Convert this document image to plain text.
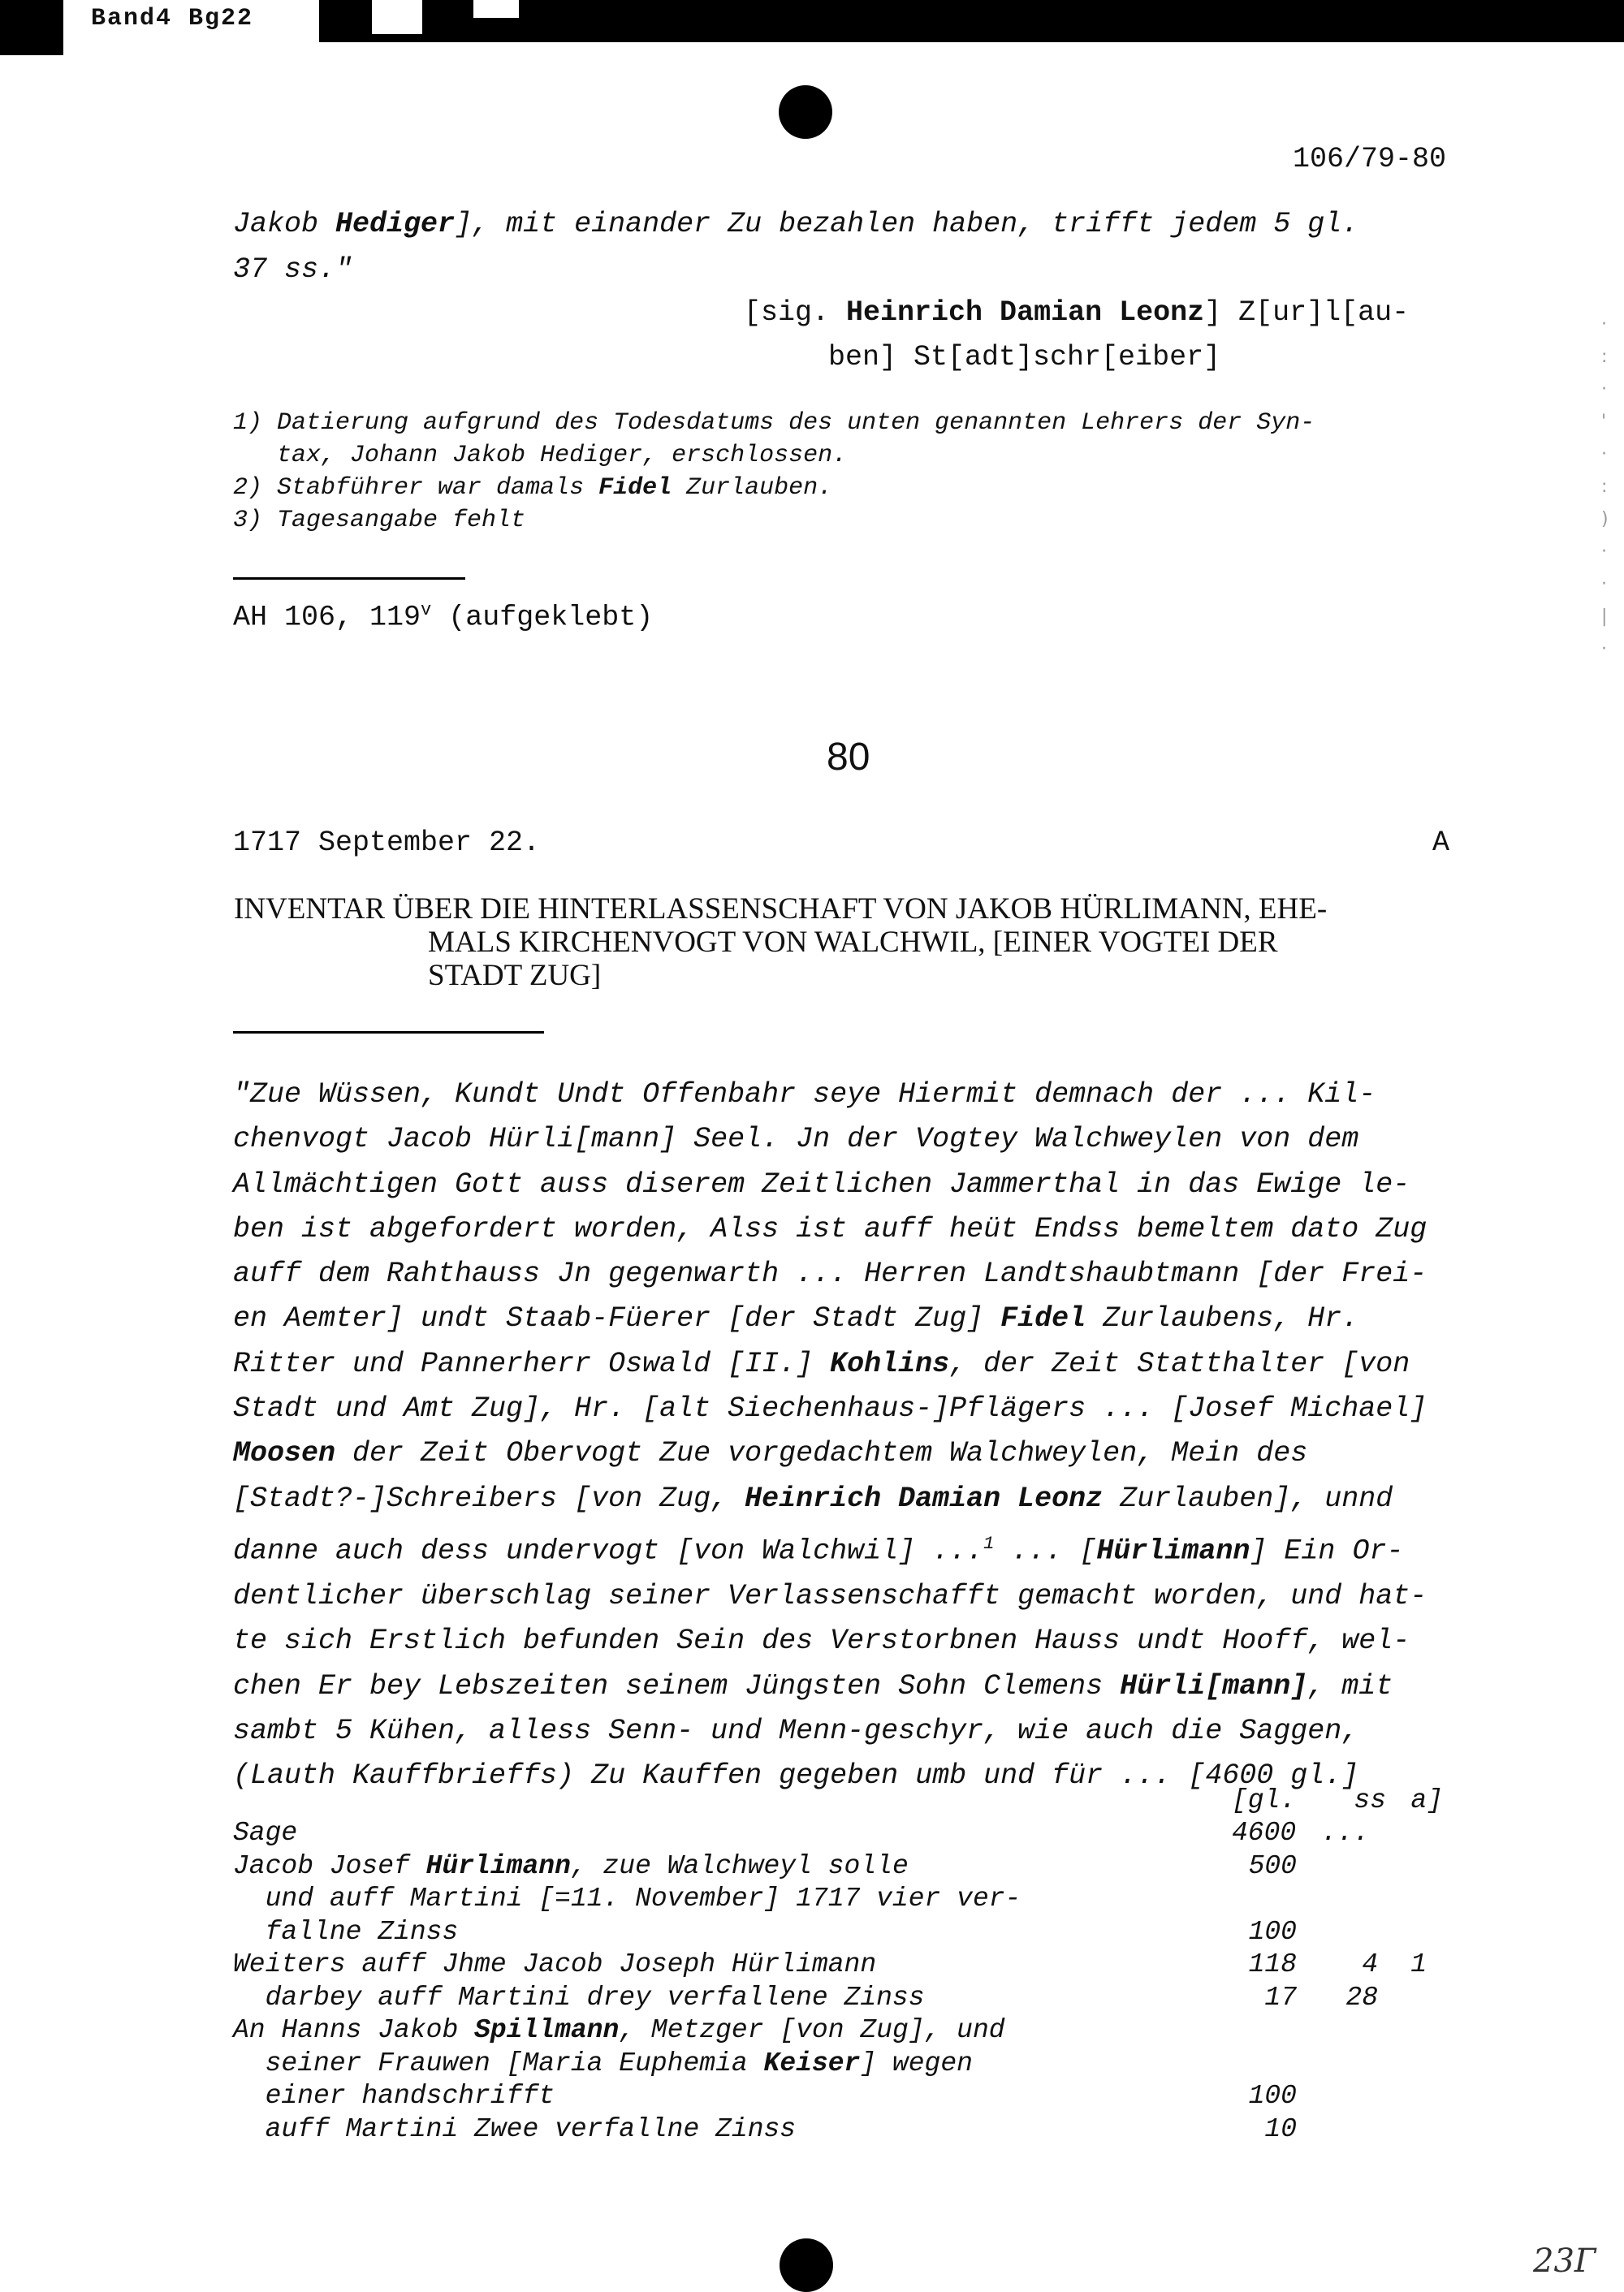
Band4 Bg22
106/79-80
Jakob Hediger], mit einander Zu bezahlen haben, trifft jedem 5 gl.
37 ss."
[sig. Heinrich Damian Leonz] Z[ur]l[au-
ben] St[adt]schr[eiber]
1) Datierung aufgrund des Todesdatums des unten genannten Lehrers der Syn-
tax, Johann Jakob Hediger, erschlossen.
2) Stabführer war damals Fidel Zurlauben.
3) Tagesangabe fehlt
AH 106, 119$^v$ (aufgeklebt)
80
1717 September 22.	A
INVENTAR ÜBER DIE HINTERLASSENSCHAFT VON JAKOB HÜRLIMANN, EHE-
MALS KIRCHENVOGT VON WALCHWIL, [EINER VOGTEI DER
STADT ZUG]
"Zue Wüssen, Kundt Undt Offenbahr seye Hiermit demnach der ... Kil-
chenvogt Jacob Hürli[mann] Seel. Jn der Vogtey Walchweylen von dem
Allmächtigen Gott auss diserem Zeitlichen Jammerthal in das Ewige le-
ben ist abgefordert worden, Alss ist auff heüt Endss bemeltem dato Zug
auff dem Rahthauss Jn gegenwarth ... Herren Landtshaubtmann [der Frei-
en Aemter] undt Staab-Füerer [der Stadt Zug] Fidel Zurlaubens, Hr.
Ritter und Pannerherr Oswald [II.] Kohlins, der Zeit Statthalter [von
Stadt und Amt Zug], Hr. [alt Siechenhaus-]Pflägers ... [Josef Michael]
Moosen der Zeit Obervogt Zue vorgedachtem Walchweylen, Mein des
[Stadt?-]Schreibers [von Zug, Heinrich Damian Leonz Zurlauben], unnd
danne auch dess undervogt [von Walchwil] ...$^1$ ... [Hürlimann] Ein Or-
dentlicher überschlag seiner Verlassenschafft gemacht worden, und hat-
te sich Erstlich befunden Sein des Verstorbnen Hauss undt Hooff, wel-
chen Er bey Lebszeiten seinem Jüngsten Sohn Clemens Hürli[mann], mit
sambt 5 Kühen, alless Senn- und Menn-geschyr, wie auch die Saggen,
(Lauth Kauffbrieffs) Zu Kauffen gegeben umb und für ... [4600 gl.]
[gl.	ss a]
Sage	4600 ...
Jacob Josef Hürlimann, zue Walchweyl solle	500
und auff Martini [=11. November] 1717 vier ver-
fallne Zinss	100
Weiters auff Jhme Jacob Joseph Hürlimann	118	4	1
darbey auff Martini drey verfallene Zinss	17 28
An Hanns Jakob Spillmann, Metzger [von Zug], und
seiner Frauwen [Maria Euphemia Keiser] wegen
einer handschrifft	100
auff Martini Zwee verfallne Zinss	10
·
:
·
'
·
:
)
·
·
|
·
23Г
